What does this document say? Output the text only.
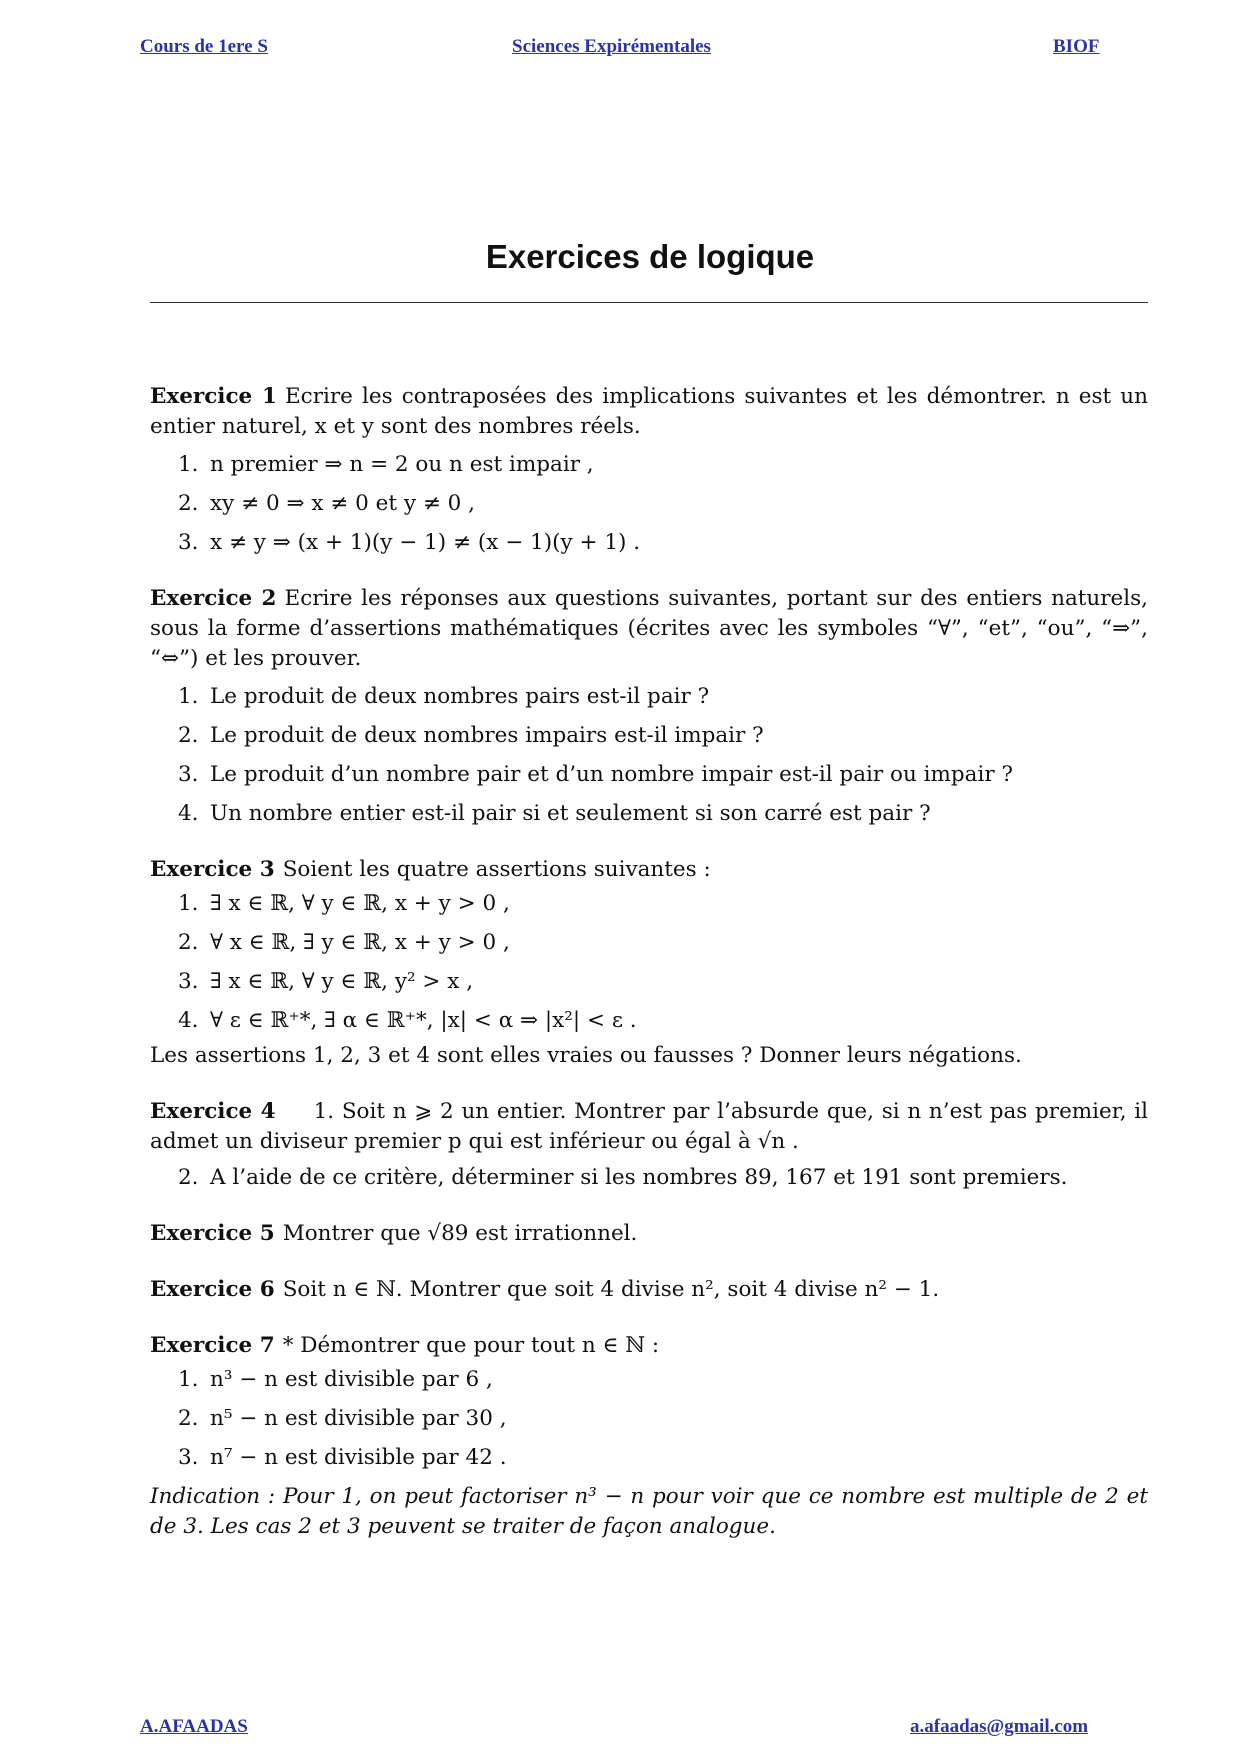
Cours de 1ere S	Sciences Expirémentales	BIOF
Exercices de logique

Exercice 1 Ecrire les contraposées des implications suivantes et les démontrer. n est un entier naturel, x et y sont des nombres réels.

1. n premier ⇒ n = 2 ou n est impair ,
2. xy ≠ 0 ⇒ x ≠ 0 et y ≠ 0 ,
3. x ≠ y ⇒ (x + 1)(y − 1) ≠ (x − 1)(y + 1) .

Exercice 2 Ecrire les réponses aux questions suivantes, portant sur des entiers naturels, sous la forme d’assertions mathématiques (écrites avec les symboles “∀”, “et”, “ou”, “⇒”, “⇔”) et les prouver.

1. Le produit de deux nombres pairs est-il pair ?
2. Le produit de deux nombres impairs est-il impair ?
3. Le produit d’un nombre pair et d’un nombre impair est-il pair ou impair ?
4. Un nombre entier est-il pair si et seulement si son carré est pair ?

Exercice 3 Soient les quatre assertions suivantes :

1. ∃ x ∈ ℝ, ∀ y ∈ ℝ, x + y > 0 ,
2. ∀ x ∈ ℝ, ∃ y ∈ ℝ, x + y > 0 ,
3. ∃ x ∈ ℝ, ∀ y ∈ ℝ, y² > x ,
4. ∀ ε ∈ ℝ⁺*, ∃ α ∈ ℝ⁺*, |x| < α ⇒ |x²| < ε .

Les assertions 1, 2, 3 et 4 sont elles vraies ou fausses ? Donner leurs négations.

Exercice 4 1. Soit n ⩾ 2 un entier. Montrer par l’absurde que, si n n’est pas premier, il admet un diviseur premier p qui est inférieur ou égal à √n .

2. A l’aide de ce critère, déterminer si les nombres 89, 167 et 191 sont premiers.

Exercice 5 Montrer que √89 est irrationnel.

Exercice 6 Soit n ∈ ℕ. Montrer que soit 4 divise n², soit 4 divise n² − 1.

Exercice 7 * Démontrer que pour tout n ∈ ℕ :

1. n³ − n est divisible par 6 ,
2. n⁵ − n est divisible par 30 ,
3. n⁷ − n est divisible par 42 .

Indication : Pour 1, on peut factoriser n³ − n pour voir que ce nombre est multiple de 2 et de 3. Les cas 2 et 3 peuvent se traiter de façon analogue.

A.AFAADAS	a.afaadas@gmail.com
